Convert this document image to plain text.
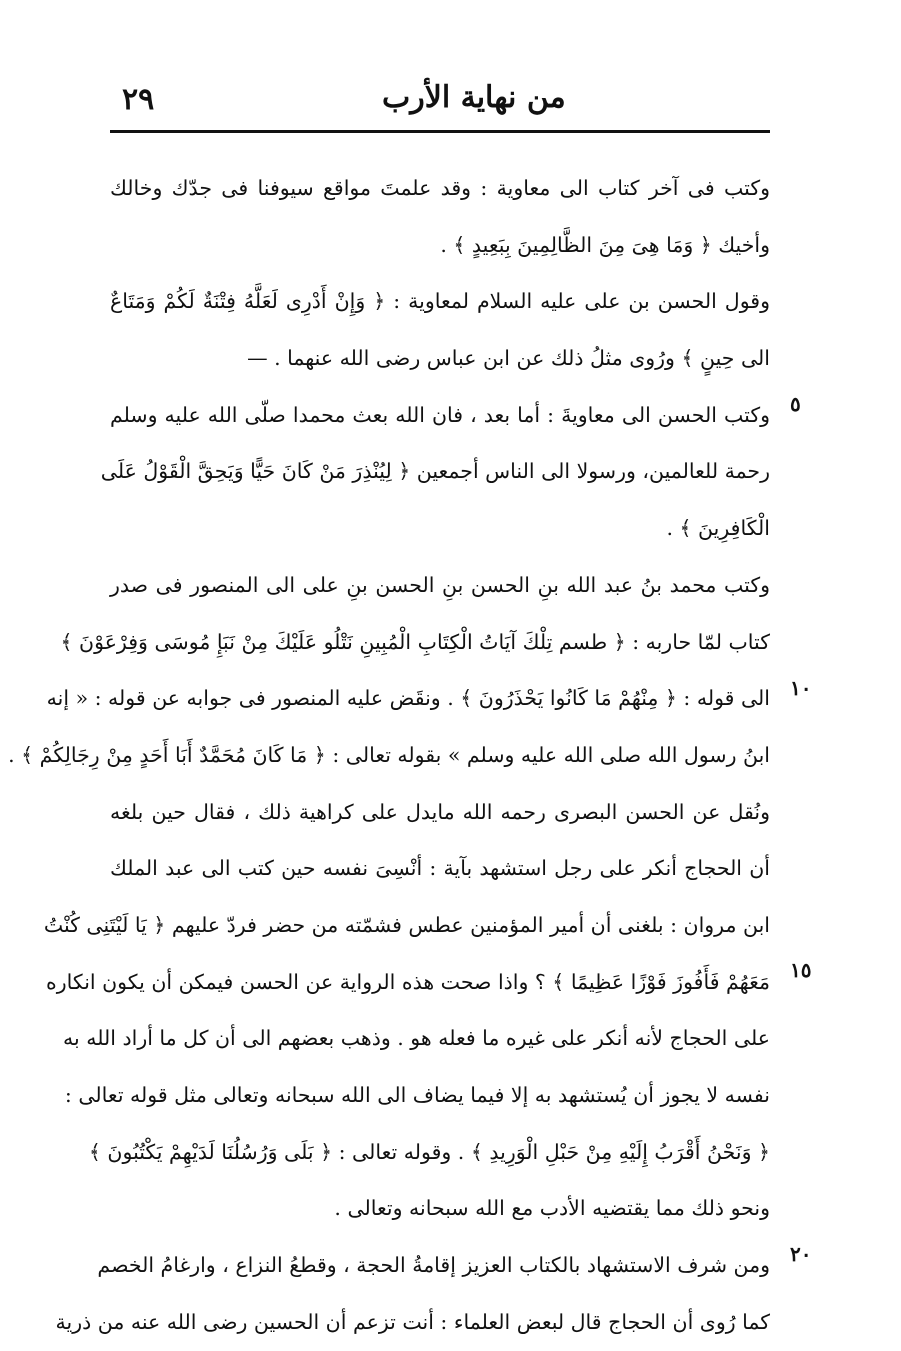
٢٩	من نهاية الأرب
٥
١٠
١٥
٢٠
وكتب فى آخر كتاب الى معاوية : وقد علمتَ مواقع سيوفنا فى جدّك وخالك
وأخيك ﴿ وَمَا هِىَ مِنَ الظَّالِمِينَ بِبَعِيدٍ ﴾ .
وقول الحسن بن على عليه السلام لمعاوية : ﴿ وَإِنْ أَدْرِى لَعَلَّهُ فِتْنَةٌ لَكُمْ وَمَتَاعٌ
الى حِينٍ ﴾ ورُوى مثلُ ذلك عن ابن عباس رضى الله عنهما . —
وكتب الحسن الى معاويةَ : أما بعد ، فان الله بعث محمدا صلّى الله عليه وسلم
رحمة للعالمين، ورسولا الى الناس أجمعين ﴿ لِيُنْذِرَ مَنْ كَانَ حَيًّا وَيَحِقَّ الْقَوْلُ عَلَى
الْكَافِرِينَ ﴾ .
وكتب محمد بنُ عبد الله بنِ الحسن بنِ الحسن بنِ على الى المنصور فى صدر
كتاب لمّا حاربه : ﴿ طسم تِلْكَ آيَاتُ الْكِتَابِ الْمُبِينِ نَتْلُو عَلَيْكَ مِنْ نَبَإِ مُوسَى وَفِرْعَوْنَ ﴾
الى قوله : ﴿ مِنْهُمْ مَا كَانُوا يَحْذَرُونَ ﴾ . ونقَض عليه المنصور فى جوابه عن قوله : « إنه
ابنُ رسول الله صلى الله عليه وسلم » بقوله تعالى : ﴿ مَا كَانَ مُحَمَّدٌ أَبَا أَحَدٍ مِنْ رِجَالِكُمْ ﴾ .
ونُقل عن الحسن البصرى رحمه الله مايدل على كراهية ذلك ، فقال حين بلغه
أن الحجاج أنكر على رجل استشهد بآية : أنْسِىَ نفسه حين كتب الى عبد الملك
ابن مروان : بلغنى أن أمير المؤمنين عطس فشمّته من حضر فردّ عليهم ﴿ يَا لَيْتَنِى كُنْتُ
مَعَهُمْ فَأَفُوزَ فَوْزًا عَظِيمًا ﴾ ؟ واذا صحت هذه الرواية عن الحسن فيمكن أن يكون انكاره
على الحجاج لأنه أنكر على غيره ما فعله هو . وذهب بعضهم الى أن كل ما أراد الله به
نفسه لا يجوز أن يُستشهد به إلا فيما يضاف الى الله سبحانه وتعالى مثل قوله تعالى :
﴿ وَنَحْنُ أَقْرَبُ إِلَيْهِ مِنْ حَبْلِ الْوَرِيدِ ﴾ . وقوله تعالى : ﴿ بَلَى وَرُسُلُنَا لَدَيْهِمْ يَكْتُبُونَ ﴾
ونحو ذلك مما يقتضيه الأدب مع الله سبحانه وتعالى .
ومن شرف الاستشهاد بالكتاب العزيز إقامةُ الحجة ، وقطعُ النزاع ، وارغامُ الخصم
كما رُوى أن الحجاج قال لبعض العلماء : أنت تزعم أن الحسين رضى الله عنه من ذرية
